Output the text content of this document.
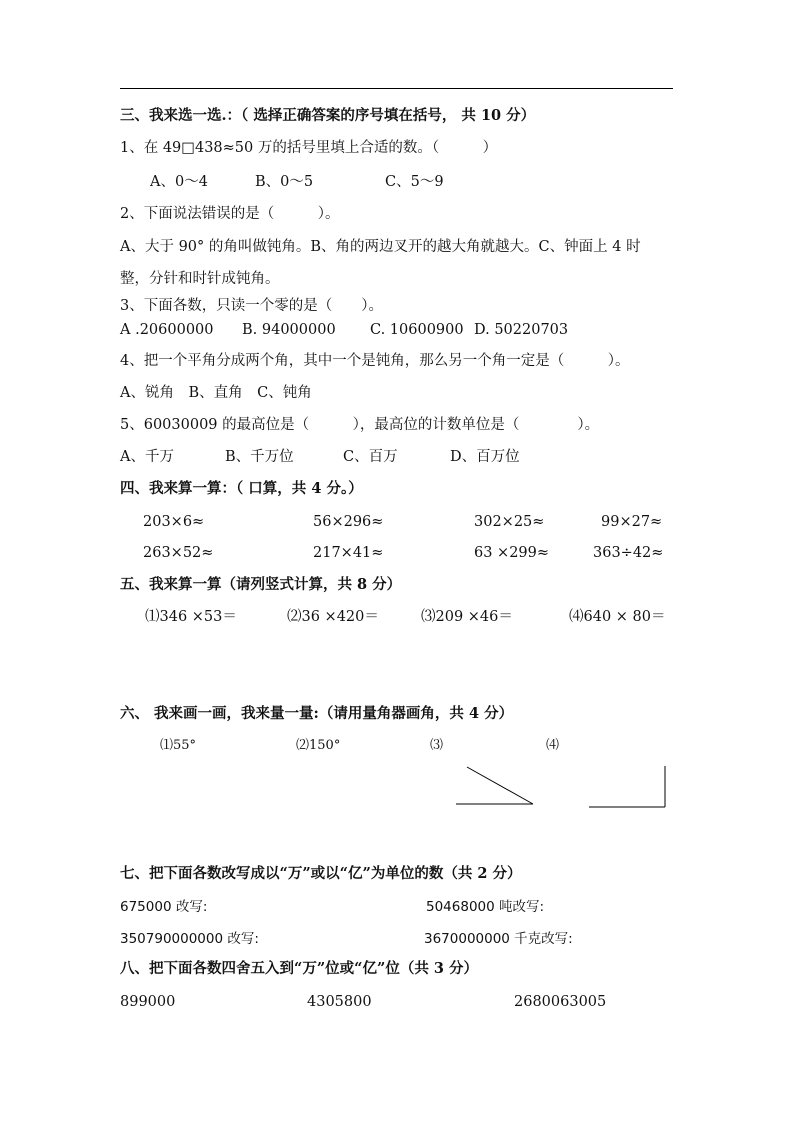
三、我来选一选.：（ 选择正确答案的序号填在括号， 共 10 分）
1、在 49□438≈50 万的括号里填上合适的数。（　　　）
A、0～4	B、0～5	C、5～9
2、下面说法错误的是（　　　）。
A、大于 90° 的角叫做钝角。B、角的两边叉开的越大角就越大。C、钟面上 4 时
整，分针和时针成钝角。
3、下面各数，只读一个零的是（　　）。
A .20600000 B. 94000000 C. 10600900 D. 50220703
4、把一个平角分成两个角，其中一个是钝角，那么另一个角一定是（　　　）。
A、锐角　B、直角　C、钝角
5、60030009 的最高位是（　　　），最高位的计数单位是（　　　　）。
A、千万	B、千万位	C、百万	D、百万位
四、我来算一算：（ 口算，共 4 分。）
203×6≈	56×296≈	302×25≈	99×27≈
263×52≈	217×41≈	63 ×299≈	363÷42≈
五、我来算一算（请列竖式计算，共 8 分）
⑴346 ×53＝	⑵36 ×420＝	⑶209 ×46＝	⑷640 × 80＝
六、 我来画一画，我来量一量:（请用量角器画角，共 4 分）
⑴55°	⑵150°	⑶	⑷
七、把下面各数改写成以“万”或以“亿”为单位的数（共 2 分）
675000 改写:	50468000 吨改写:
350790000000 改写:	3670000000 千克改写:
八、把下面各数四舍五入到“万”位或“亿”位（共 3 分）
899000	4305800	2680063005
